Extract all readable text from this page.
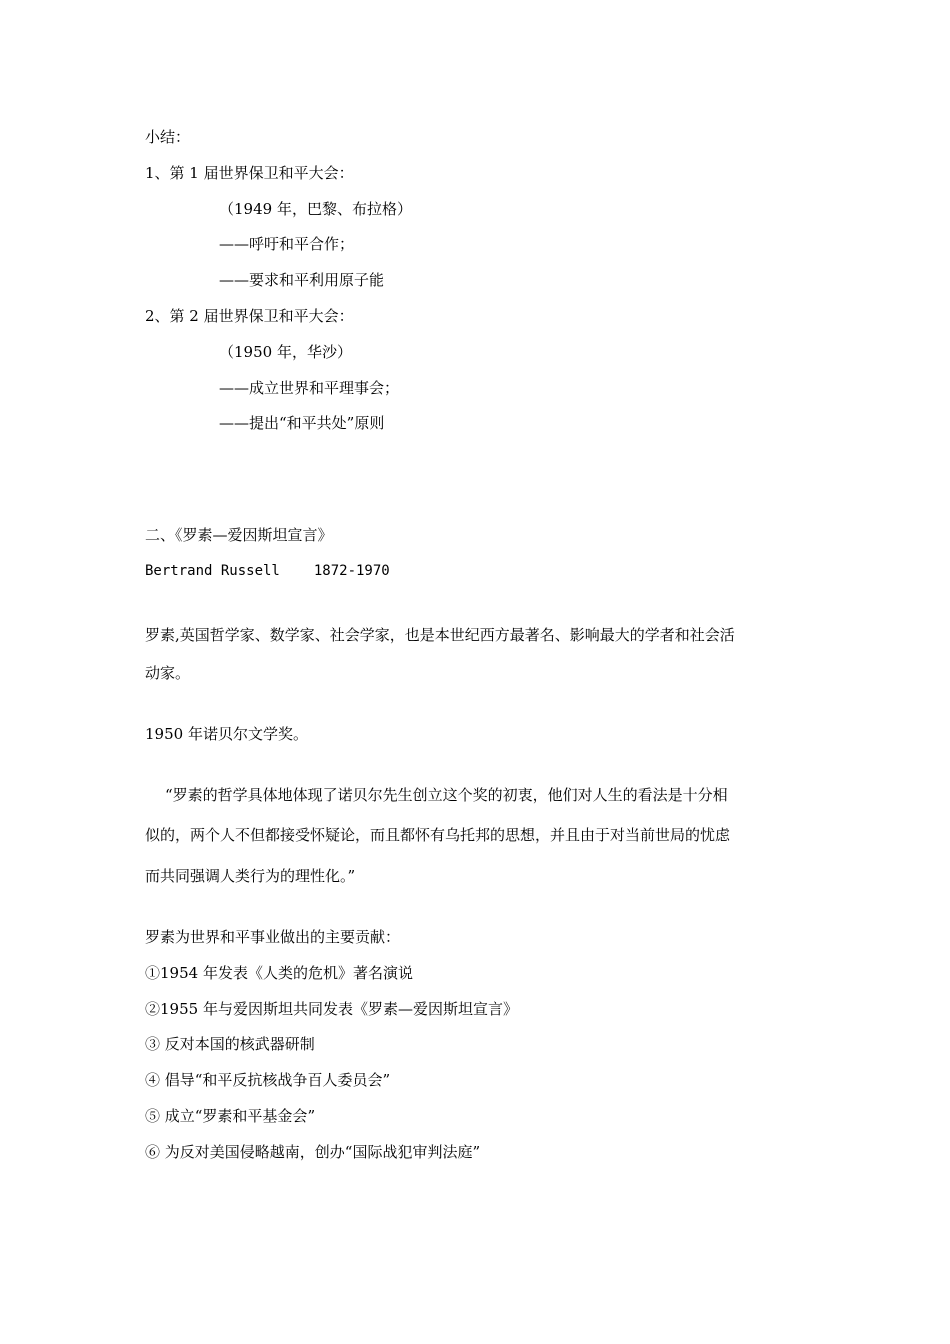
小结：
1、第 1 届世界保卫和平大会：
（1949 年，巴黎、布拉格）
——呼吁和平合作；
——要求和平利用原子能
2、第 2 届世界保卫和平大会：
（1950 年，华沙）
——成立世界和平理事会；
——提出“和平共处”原则
二、《罗素—爱因斯坦宣言》
Bertrand Russell 1872-1970
罗素,英国哲学家、数学家、社会学家，也是本世纪西方最著名、影响最大的学者和社会活
动家。
1950 年诺贝尔文学奖。
“罗素的哲学具体地体现了诺贝尔先生创立这个奖的初衷，他们对人生的看法是十分相
似的，两个人不但都接受怀疑论，而且都怀有乌托邦的思想，并且由于对当前世局的忧虑
而共同强调人类行为的理性化。”
罗素为世界和平事业做出的主要贡献：
①1954 年发表《人类的危机》著名演说
②1955 年与爱因斯坦共同发表《罗素—爱因斯坦宣言》
③ 反对本国的核武器研制
④ 倡导“和平反抗核战争百人委员会”
⑤ 成立“罗素和平基金会”
⑥ 为反对美国侵略越南，创办“国际战犯审判法庭”
